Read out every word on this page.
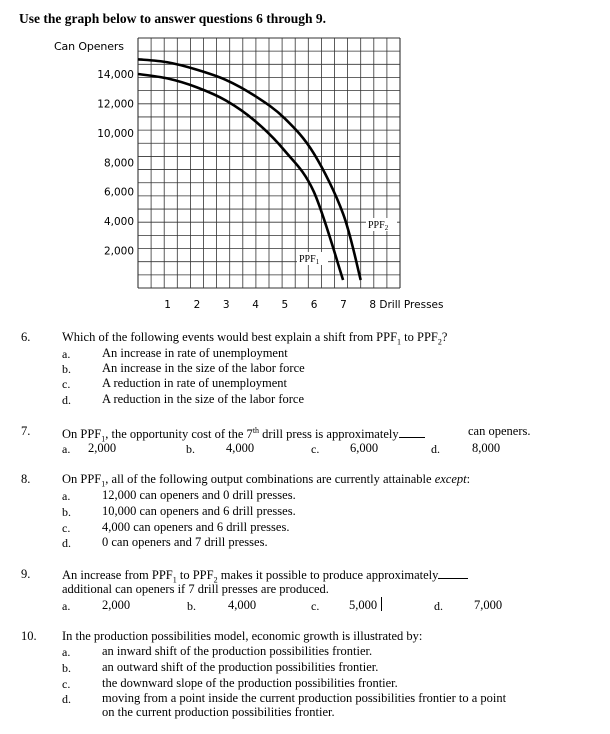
Use the graph below to answer questions 6 through 9.
Can Openers
14,000
12,000
10,000
8,000
6,000
4,000
2,000
1 2 3 4 5 6 7 8 Drill Presses
$PPF_1$
$PPF_2$
6.	Which of the following events would best explain a shift from $PPF_1$ to $PPF_2$?
a.	An increase in rate of unemployment
b. An increase in the size of the labor force
c.	A reduction in rate of unemployment
d. A reduction in the size of the labor force
7.	On $PPF_1$, the opportunity cost of the 7th drill press is approximately	can openers.
a. 2,000	b. 4,000	c. 6,000	d.	8,000
8.	On $PPF_1$, all of the following output combinations are currently attainable except:
a.	12,000 can openers and 0 drill presses.
b. 10,000 can openers and 6 drill presses.
c.	4,000 can openers and 6 drill presses.
d. 0 can openers and 7 drill presses.
9.	An increase from $PPF_1$ to $PPF_2$ makes it possible to produce approximately
additional can openers if 7 drill presses are produced.
a.	2,000	b.	4,000	c. 5,000	d. 7,000
10. In the production possibilities model, economic growth is illustrated by:
a.	an inward shift of the production possibilities frontier.
b. an outward shift of the production possibilities frontier.
c.	the downward slope of the production possibilities frontier.
d. moving from a point inside the current production possibilities frontier to a point
on the current production possibilities frontier.
